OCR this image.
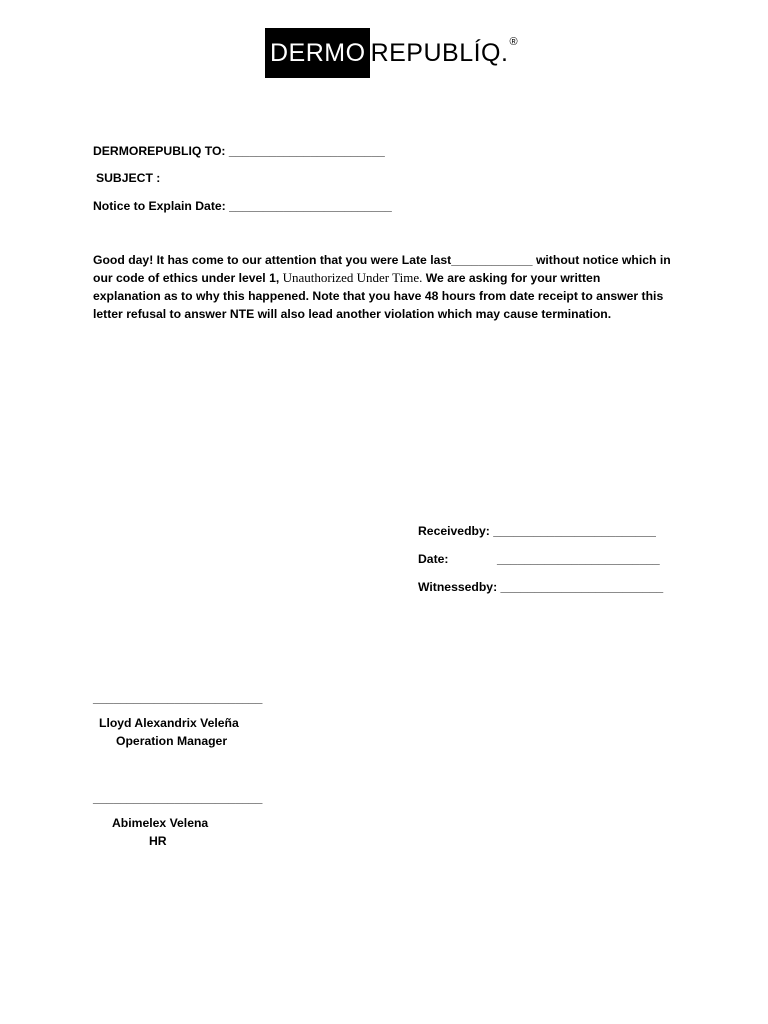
DERMO REPUBLÍQ. ®
DERMOREPUBLIQ TO: _______________________
SUBJECT :
Notice to Explain Date: ________________________
Good day! It has come to our attention that you were Late last____________ without notice which in
our code of ethics under level 1, Unauthorized Under Time. We are asking for your written
explanation as to why this happened. Note that you have 48 hours from date receipt to answer this
letter refusal to answer NTE will also lead another violation which may cause termination.
Receivedby: ________________________
Date:	________________________
Witnessedby: ________________________
_________________________
Lloyd Alexandrix Veleña
Operation Manager
_________________________
Abimelex Velena
HR
